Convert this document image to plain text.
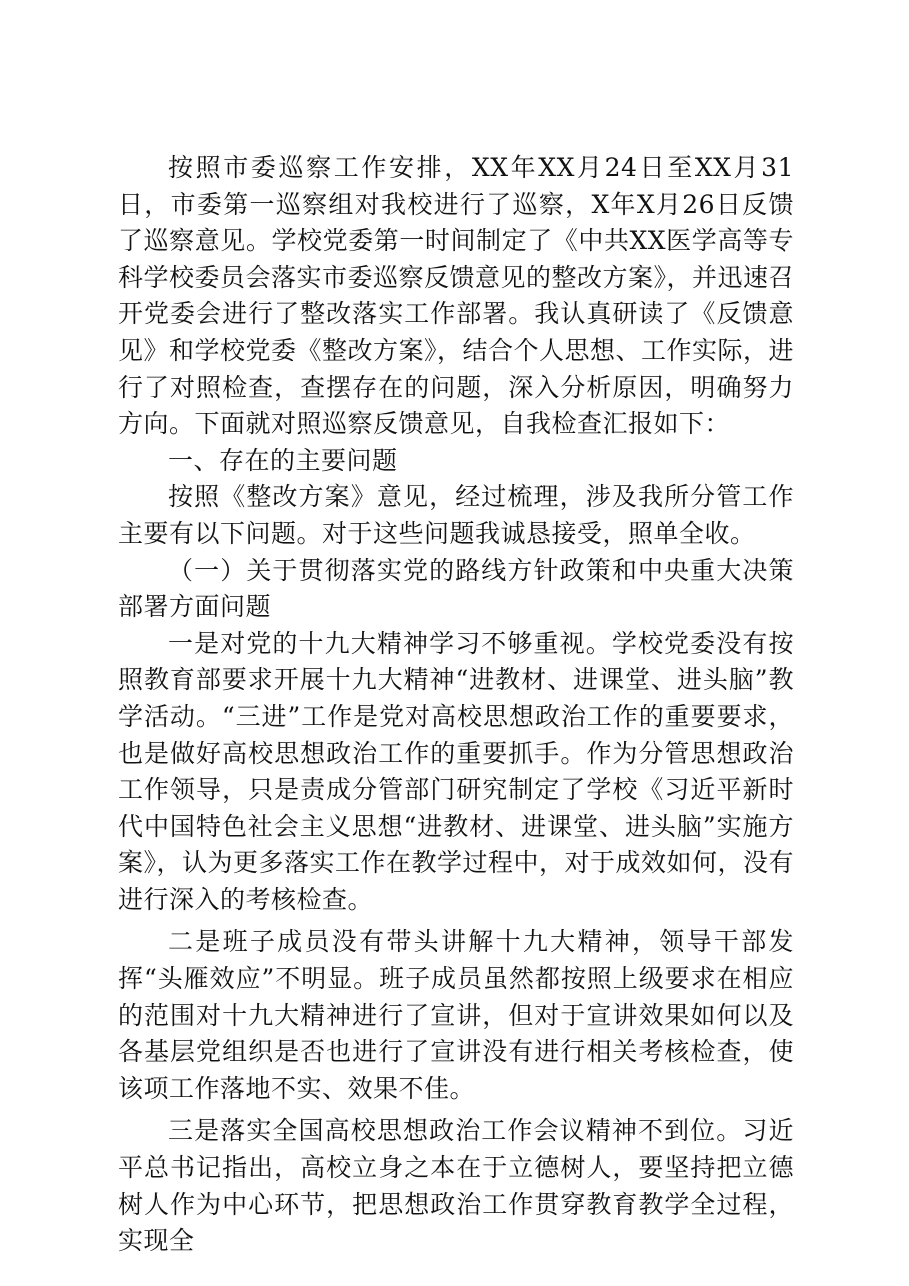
按照市委巡察工作安排，XX年XX月24日至XX月31日，市委第一巡察组对我校进行了巡察，X年X月26日反馈了巡察意见。学校党委第一时间制定了《中共XX医学高等专科学校委员会落实市委巡察反馈意见的整改方案》，并迅速召开党委会进行了整改落实工作部署。我认真研读了《反馈意见》和学校党委《整改方案》，结合个人思想、工作实际，进行了对照检查，查摆存在的问题，深入分析原因，明确努力方向。下面就对照巡察反馈意见，自我检查汇报如下：

一、存在的主要问题

按照《整改方案》意见，经过梳理，涉及我所分管工作主要有以下问题。对于这些问题我诚恳接受，照单全收。

（一）关于贯彻落实党的路线方针政策和中央重大决策部署方面问题

一是对党的十九大精神学习不够重视。学校党委没有按照教育部要求开展十九大精神“进教材、进课堂、进头脑”教学活动。“三进”工作是党对高校思想政治工作的重要要求，也是做好高校思想政治工作的重要抓手。作为分管思想政治工作领导，只是责成分管部门研究制定了学校《习近平新时代中国特色社会主义思想“进教材、进课堂、进头脑”实施方案》，认为更多落实工作在教学过程中，对于成效如何，没有进行深入的考核检查。

二是班子成员没有带头讲解十九大精神，领导干部发挥“头雁效应”不明显。班子成员虽然都按照上级要求在相应的范围对十九大精神进行了宣讲，但对于宣讲效果如何以及各基层党组织是否也进行了宣讲没有进行相关考核检查，使该项工作落地不实、效果不佳。

三是落实全国高校思想政治工作会议精神不到位。习近平总书记指出，高校立身之本在于立德树人，要坚持把立德树人作为中心环节，把思想政治工作贯穿教育教学全过程，实现全
